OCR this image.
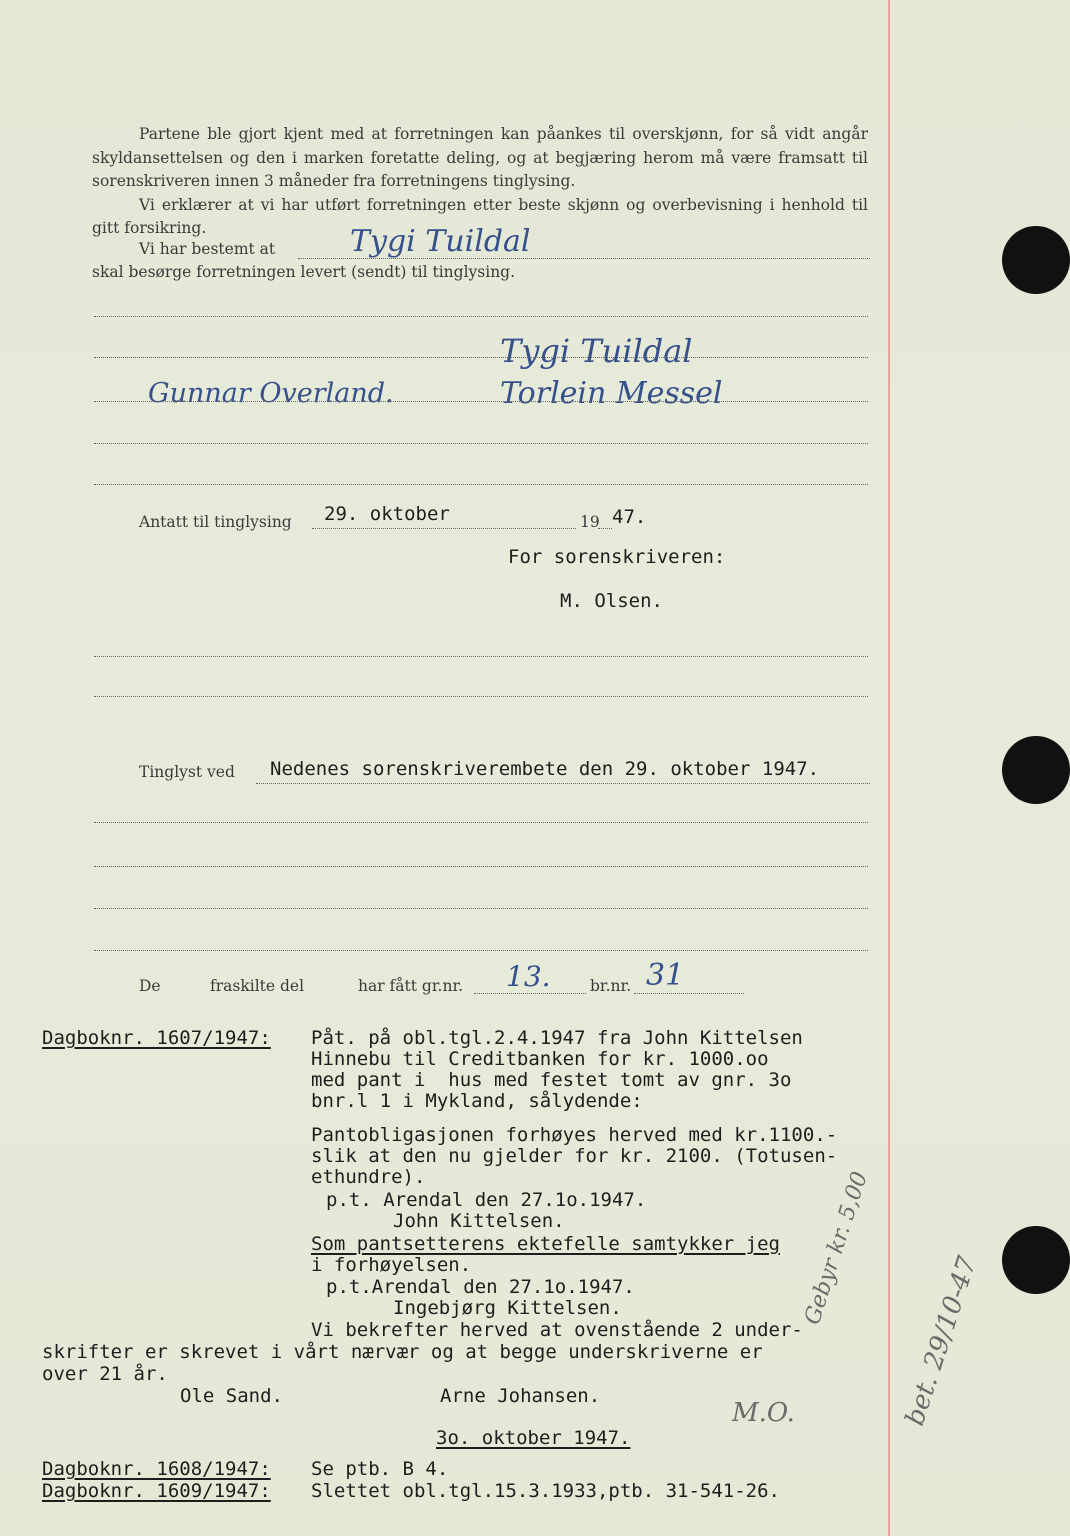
Partene ble gjort kjent med at forretningen kan påankes til overskjønn, for så vidt angår skyldansettelsen og den i marken foretatte deling, og at begjæring herom må være framsatt til sorenskriveren innen 3 måneder fra forretningens tinglysing.

Vi erklærer at vi har utført forretningen etter beste skjønn og overbevisning i henhold til gitt forsikring.

Vi har bestemt at Tygi Tuildal
skal besørge forretningen levert (sendt) til tinglysing.
Tygi Tuildal
Gunnar Overland.	Torlein Messel
Antatt til tinglysing 29. oktober	19 47.
For sorenskriveren:
M. Olsen.
Tinglyst ved Nedenes sorenskriverembete den 29. oktober 1947.
De	fraskilte del	har fått gr.nr. 13.	br.nr. 31
Dagboknr. 1607/1947: Påt. på obl.tgl.2.4.1947 fra John Kittelsen
Hinnebu til Creditbanken for kr. 1000.oo
med pant i  hus med festet tomt av gnr. 3o
bnr.l 1 i Mykland, sålydende:
Pantobligasjonen forhøyes herved med kr.1100.-
slik at den nu gjelder for kr. 2100. (Totusen-
ethundre).
p.t. Arendal den 27.1o.1947.
John Kittelsen.
Som pantsetterens ektefelle samtykker jeg
i forhøyelsen.
p.t.Arendal den 27.1o.1947.
Ingebjørg Kittelsen.
Vi bekrefter herved at ovenstående 2 under-
skrifter er skrevet i vårt nærvær og at begge underskriverne er
over 21 år.
Ole Sand.	Arne Johansen.
3o. oktober 1947.
Dagboknr. 1608/1947: Se ptb. B 4.
Dagboknr. 1609/1947: Slettet obl.tgl.15.3.1933,ptb. 31-541-26.
Gebyr kr. 5,00
bet. 29/10-47
M.O.
